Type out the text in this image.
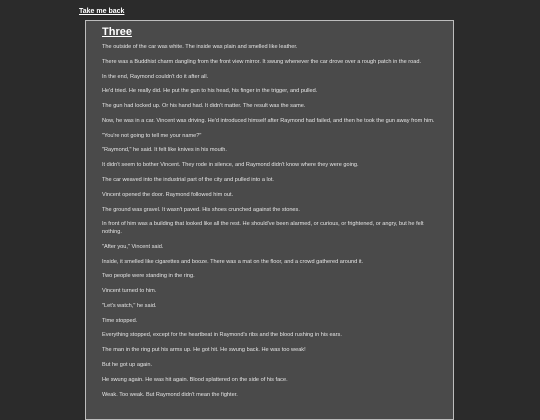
Take me back
Three

The outside of the car was white. The inside was plain and smelled like leather.

There was a Buddhist charm dangling from the front view mirror. It swung whenever the car drove over a rough patch in the road.

In the end, Raymond couldn't do it after all.

He'd tried. He really did. He put the gun to his head, his finger in the trigger, and pulled.

The gun had locked up. Or his hand had. It didn't matter. The result was the same.

Now, he was in a car. Vincent was driving. He'd introduced himself after Raymond had failed, and then he took the gun away from him.

"You're not going to tell me your name?"

"Raymond," he said. It felt like knives in his mouth.

It didn't seem to bother Vincent. They rode in silence, and Raymond didn't know where they were going.

The car weaved into the industrial part of the city and pulled into a lot.

Vincent opened the door. Raymond followed him out.

The ground was gravel. It wasn't paved. His shoes crunched against the stones.

In front of him was a building that looked like all the rest. He should've been alarmed, or curious, or frightened, or angry, but he felt nothing.

"After you," Vincent said.

Inside, it smelled like cigarettes and booze. There was a mat on the floor, and a crowd gathered around it.

Two people were standing in the ring.

Vincent turned to him.

"Let's watch," he said.

Time stopped.

Everything stopped, except for the heartbeat in Raymond's ribs and the blood rushing in his ears.

The man in the ring put his arms up. He got hit. He swung back. He was too weak!

But he got up again.

He swung again. He was hit again. Blood splattered on the side of his face.

Weak. Too weak. But Raymond didn't mean the fighter.
